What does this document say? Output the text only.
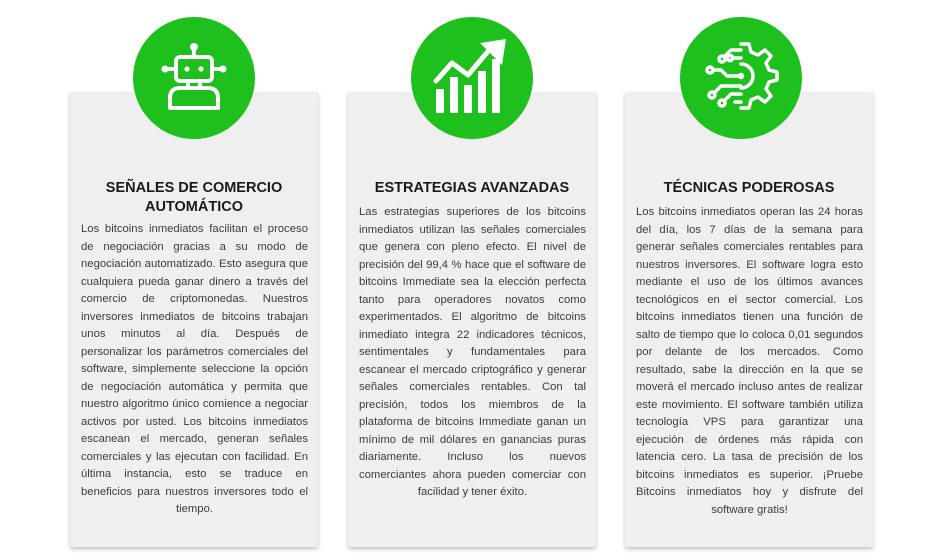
SEÑALES DE COMERCIO AUTOMÁTICO

Los bitcoins inmediatos facilitan el proceso de negociación gracias a su modo de negociación automatizado. Esto asegura que cualquiera pueda ganar dinero a través del comercio de criptomonedas. Nuestros inversores inmediatos de bitcoins trabajan unos minutos al día. Después de personalizar los parámetros comerciales del software, simplemente seleccione la opción de negociación automática y permita que nuestro algoritmo único comience a negociar activos por usted. Los bitcoins inmediatos escanean el mercado, generan señales comerciales y las ejecutan con facilidad. En última instancia, esto se traduce en beneficios para nuestros inversores todo el tiempo.

ESTRATEGIAS AVANZADAS

Las estrategias superiores de los bitcoins inmediatos utilizan las señales comerciales que genera con pleno efecto. El nivel de precisión del 99,4 % hace que el software de bitcoins Immediate sea la elección perfecta tanto para operadores novatos como experimentados. El algoritmo de bitcoins inmediato integra 22 indicadores técnicos, sentimentales y fundamentales para escanear el mercado criptográfico y generar señales comerciales rentables. Con tal precisión, todos los miembros de la plataforma de bitcoins Immediate ganan un mínimo de mil dólares en ganancias puras diariamente. Incluso los nuevos comerciantes ahora pueden comerciar con facilidad y tener éxito.

TÉCNICAS PODEROSAS

Los bitcoins inmediatos operan las 24 horas del día, los 7 días de la semana para generar señales comerciales rentables para nuestros inversores. El software logra esto mediante el uso de los últimos avances tecnológicos en el sector comercial. Los bitcoins inmediatos tienen una función de salto de tiempo que lo coloca 0,01 segundos por delante de los mercados. Como resultado, sabe la dirección en la que se moverá el mercado incluso antes de realizar este movimiento. El software también utiliza tecnología VPS para garantizar una ejecución de órdenes más rápida con latencia cero. La tasa de precisión de los bitcoins inmediatos es superior. ¡Pruebe Bitcoins inmediatos hoy y disfrute del software gratis!
